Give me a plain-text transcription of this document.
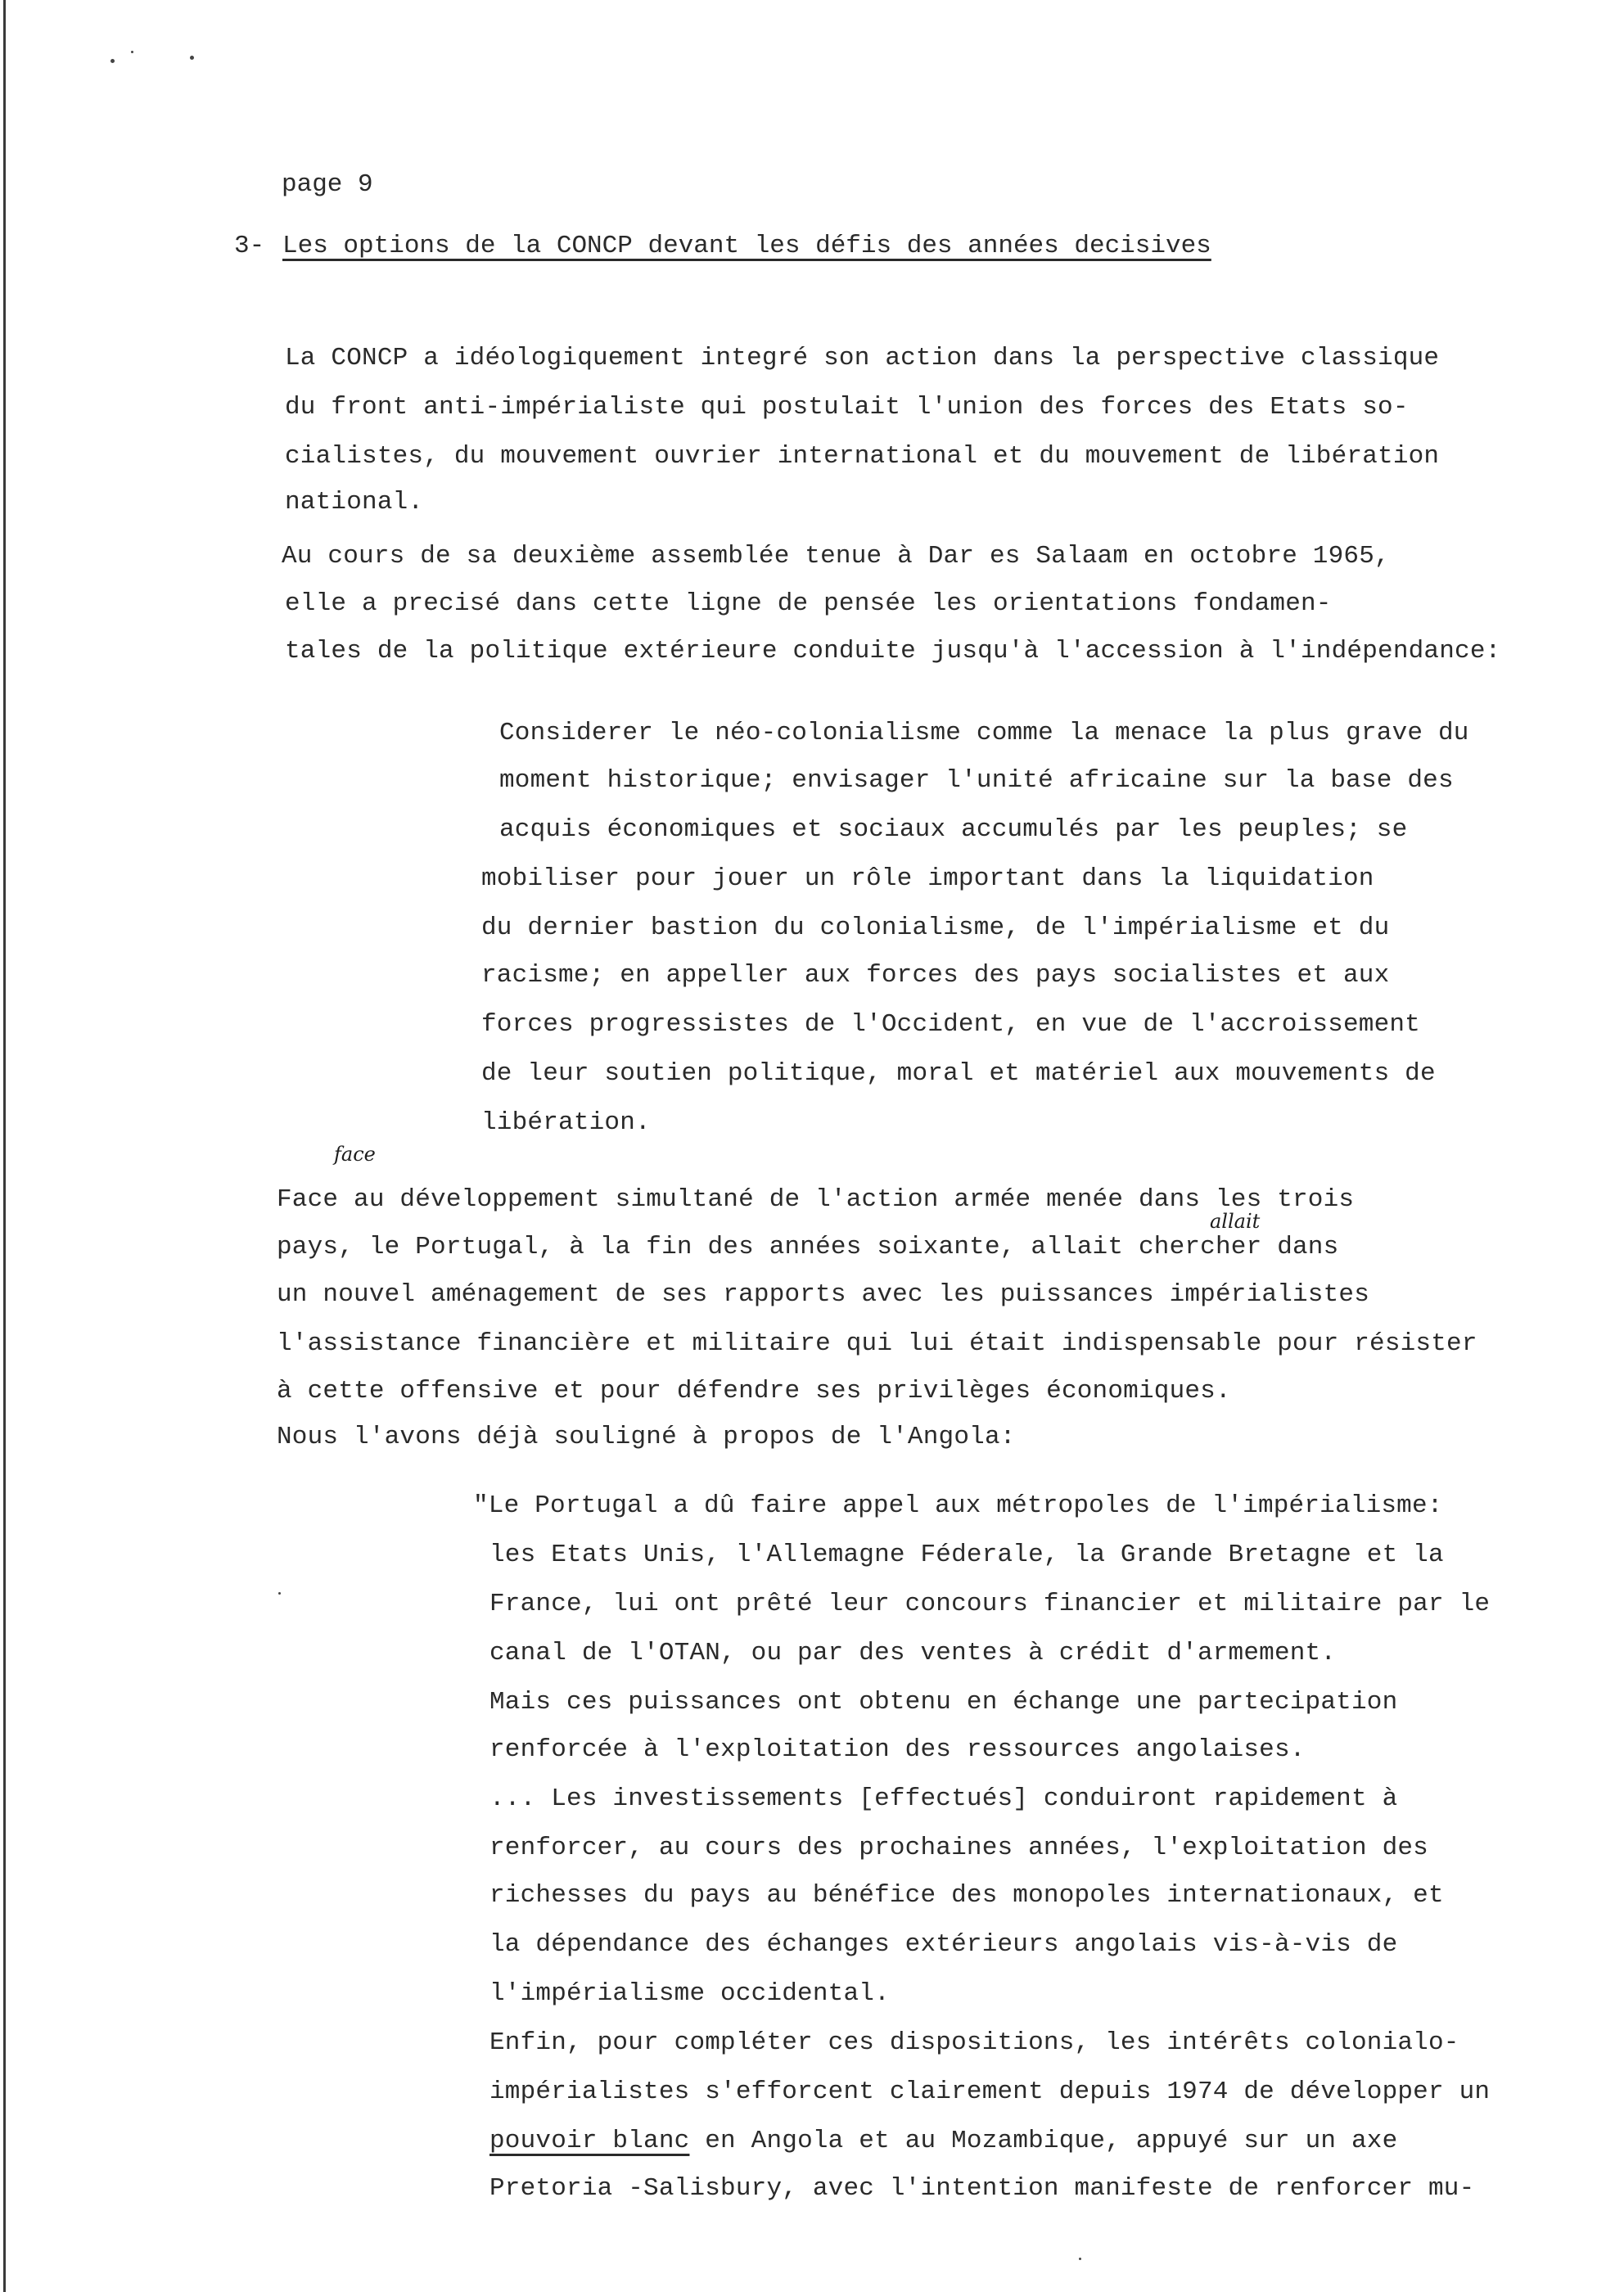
page 9
3- Les options de la CONCP devant les défis des années decisives
La CONCP a idéologiquement integré son action dans la perspective classique
du front anti-impérialiste qui postulait l'union des forces des Etats so-
cialistes, du mouvement ouvrier international et du mouvement de libération
national.
Au cours de sa deuxième assemblée tenue à Dar es Salaam en octobre 1965,
elle a precisé dans cette ligne de pensée les orientations fondamen-
tales de la politique extérieure conduite jusqu'à l'accession à l'indépendance:
Considerer le néo-colonialisme comme la menace la plus grave du
moment historique; envisager l'unité africaine sur la base des
acquis économiques et sociaux accumulés par les peuples; se
mobiliser pour jouer un rôle important dans la liquidation
du dernier bastion du colonialisme, de l'impérialisme et du
racisme; en appeller aux forces des pays socialistes et aux
forces progressistes de l'Occident, en vue de l'accroissement
de leur soutien politique, moral et matériel aux mouvements de
libération.
face
allait
Face au développement simultané de l'action armée menée dans les trois
pays, le Portugal, à la fin des années soixante, allait chercher dans
un nouvel aménagement de ses rapports avec les puissances impérialistes
l'assistance financière et militaire qui lui était indispensable pour résister
à cette offensive et pour défendre ses privilèges économiques.
Nous l'avons déjà souligné à propos de l'Angola:
"Le Portugal a dû faire appel aux métropoles de l'impérialisme:
les Etats Unis, l'Allemagne Féderale, la Grande Bretagne et la
France, lui ont prêté leur concours financier et militaire par le
canal de l'OTAN, ou par des ventes à crédit d'armement.
Mais ces puissances ont obtenu en échange une partecipation
renforcée à l'exploitation des ressources angolaises.
... Les investissements [effectués] conduiront rapidement à
renforcer, au cours des prochaines années, l'exploitation des
richesses du pays au bénéfice des monopoles internationaux, et
la dépendance des échanges extérieurs angolais vis-à-vis de
l'impérialisme occidental.
Enfin, pour compléter ces dispositions, les intérêts colonialo-
impérialistes s'efforcent clairement depuis 1974 de développer un
pouvoir blanc en Angola et au Mozambique, appuyé sur un axe
Pretoria -Salisbury, avec l'intention manifeste de renforcer mu-
